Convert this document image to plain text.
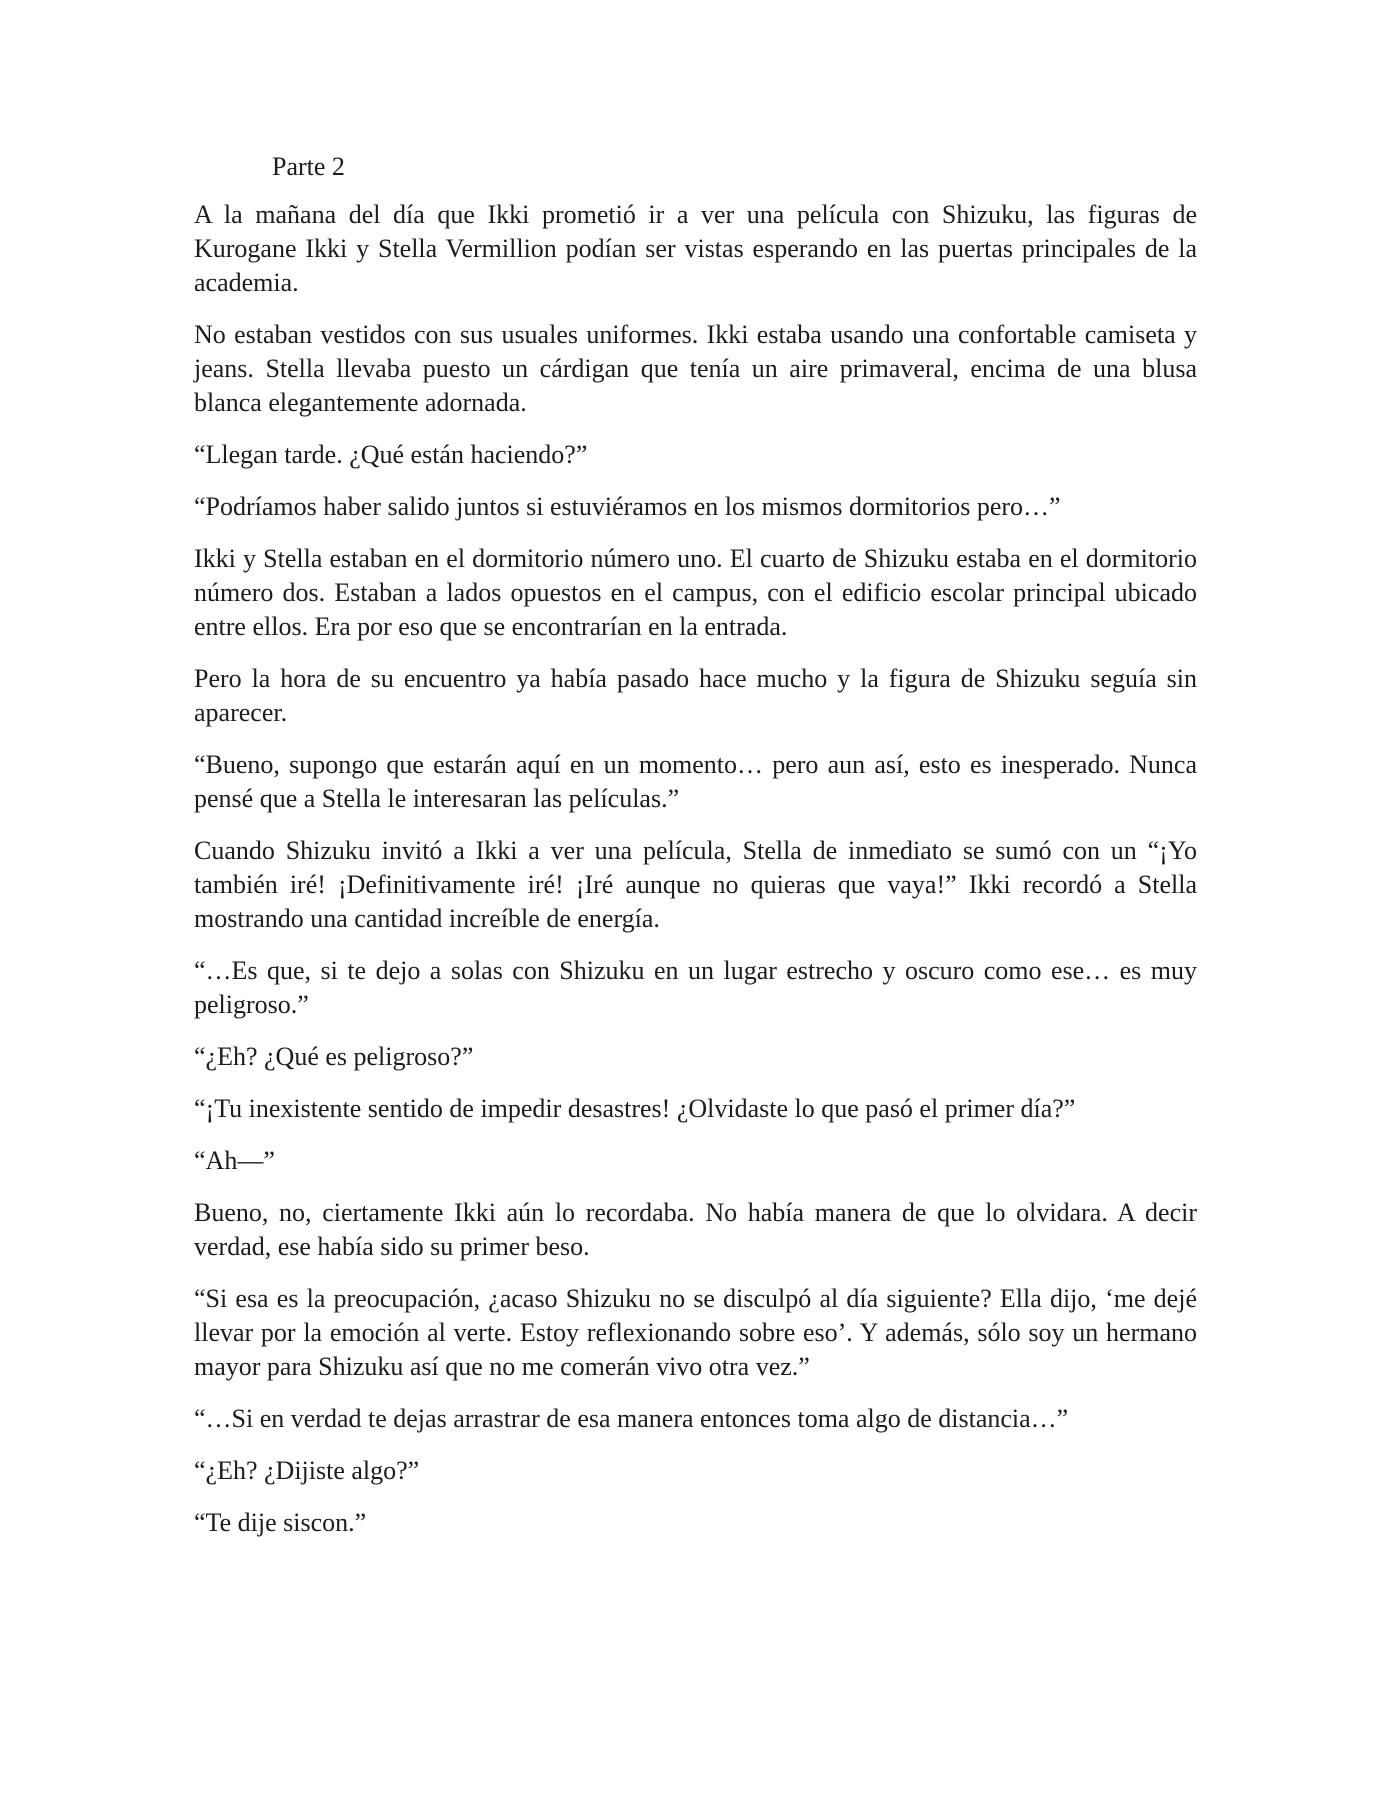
Parte 2

A la mañana del día que Ikki prometió ir a ver una película con Shizuku, las figuras de Kurogane Ikki y Stella Vermillion podían ser vistas esperando en las puertas principales de la academia.

No estaban vestidos con sus usuales uniformes. Ikki estaba usando una confortable camiseta y jeans. Stella llevaba puesto un cárdigan que tenía un aire primaveral, encima de una blusa blanca elegantemente adornada.

“Llegan tarde. ¿Qué están haciendo?”

“Podríamos haber salido juntos si estuviéramos en los mismos dormitorios pero…”

Ikki y Stella estaban en el dormitorio número uno. El cuarto de Shizuku estaba en el dormitorio número dos. Estaban a lados opuestos en el campus, con el edificio escolar principal ubicado entre ellos. Era por eso que se encontrarían en la entrada.

Pero la hora de su encuentro ya había pasado hace mucho y la figura de Shizuku seguía sin aparecer.

“Bueno, supongo que estarán aquí en un momento… pero aun así, esto es inesperado. Nunca pensé que a Stella le interesaran las películas.”

Cuando Shizuku invitó a Ikki a ver una película, Stella de inmediato se sumó con un “¡Yo también iré! ¡Definitivamente iré! ¡Iré aunque no quieras que vaya!” Ikki recordó a Stella mostrando una cantidad increíble de energía.

“…Es que, si te dejo a solas con Shizuku en un lugar estrecho y oscuro como ese… es muy peligroso.”

“¿Eh? ¿Qué es peligroso?”

“¡Tu inexistente sentido de impedir desastres! ¿Olvidaste lo que pasó el primer día?”

“Ah—”

Bueno, no, ciertamente Ikki aún lo recordaba. No había manera de que lo olvidara. A decir verdad, ese había sido su primer beso.

“Si esa es la preocupación, ¿acaso Shizuku no se disculpó al día siguiente? Ella dijo, ‘me dejé llevar por la emoción al verte. Estoy reflexionando sobre eso’. Y además, sólo soy un hermano mayor para Shizuku así que no me comerán vivo otra vez.”

“…Si en verdad te dejas arrastrar de esa manera entonces toma algo de distancia…”

“¿Eh? ¿Dijiste algo?”

“Te dije siscon.”
